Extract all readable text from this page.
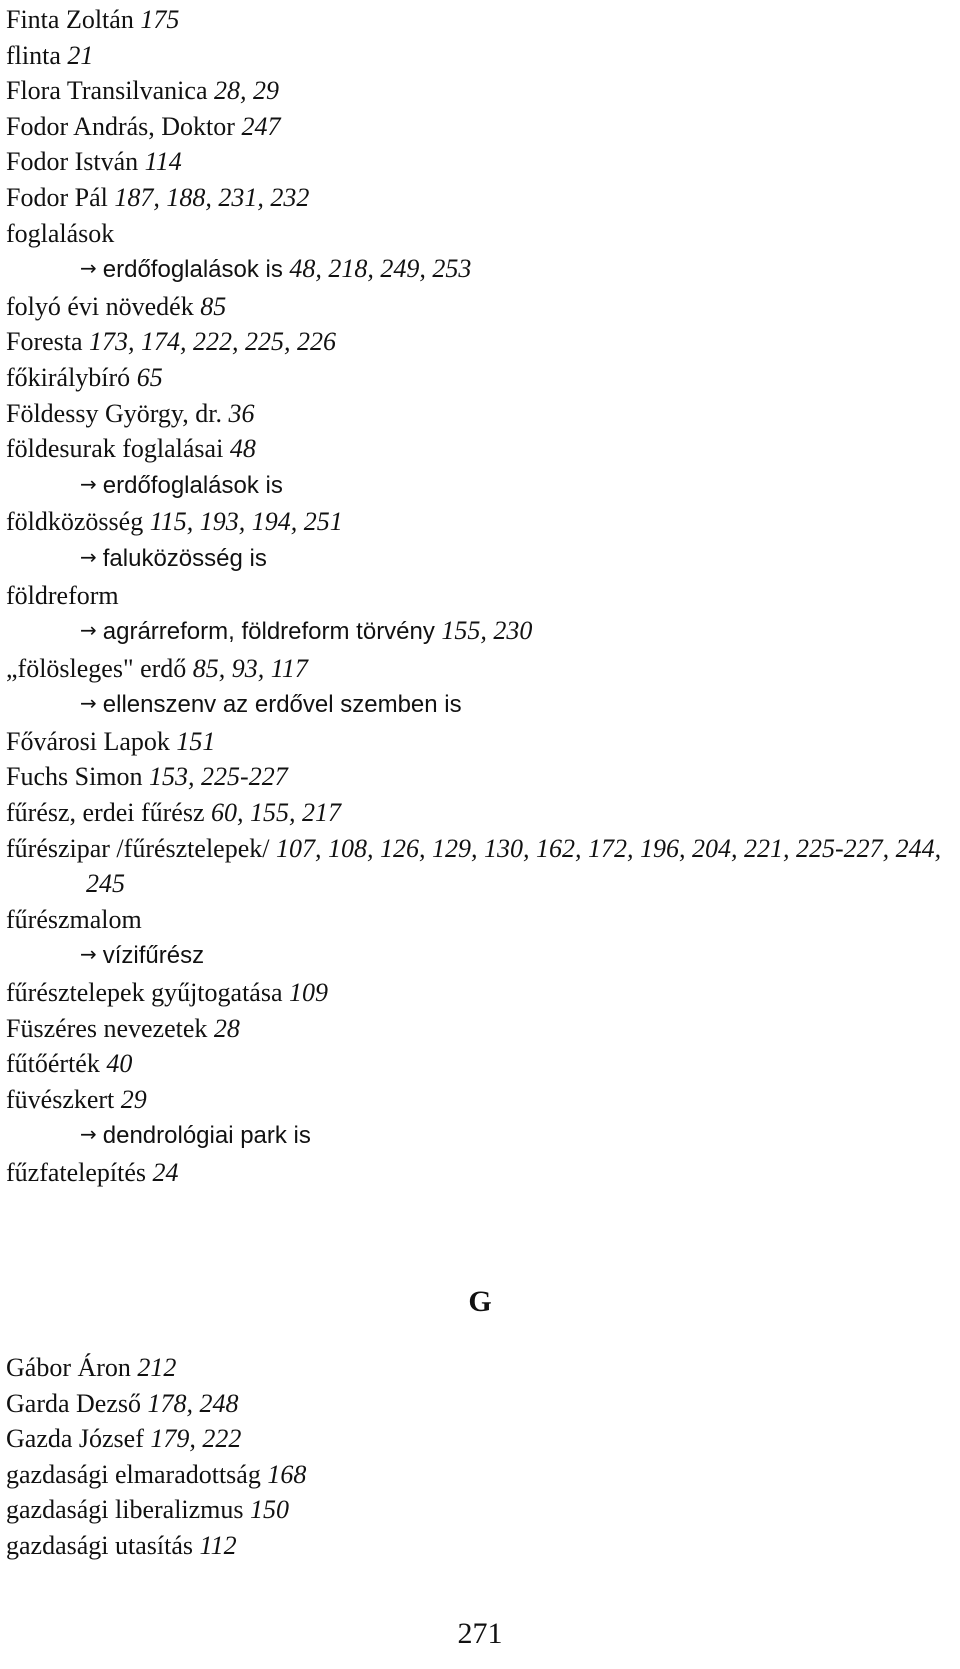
Finta Zoltán 175
flinta 21
Flora Transilvanica 28, 29
Fodor András, Doktor 247
Fodor István 114
Fodor Pál 187, 188, 231, 232
foglalások
→ erdőfoglalások is 48, 218, 249, 253
folyó évi növedék 85
Foresta 173, 174, 222, 225, 226
főkirálybíró 65
Földessy György, dr. 36
földesurak foglalásai 48
→ erdőfoglalások is
földközösség 115, 193, 194, 251
→ faluközösség is
földreform
→ agrárreform, földreform törvény 155, 230
„fölösleges" erdő 85, 93, 117
→ ellenszenv az erdővel szemben is
Fővárosi Lapok 151
Fuchs Simon 153, 225-227
fűrész, erdei fűrész 60, 155, 217
fűrészipar /fűrésztelepek/ 107, 108, 126, 129, 130, 162, 172, 196, 204, 221, 225-227, 244, 245
fűrészmalom
→ vízifűrész
fűrésztelepek gyűjtogatása 109
Füszéres nevezetek 28
fűtőérték 40
füvészkert 29
→ dendrológiai park is
fűzfatelepítés 24
G
Gábor Áron 212
Garda Dezső 178, 248
Gazda József 179, 222
gazdasági elmaradottság 168
gazdasági liberalizmus 150
gazdasági utasítás 112
271
